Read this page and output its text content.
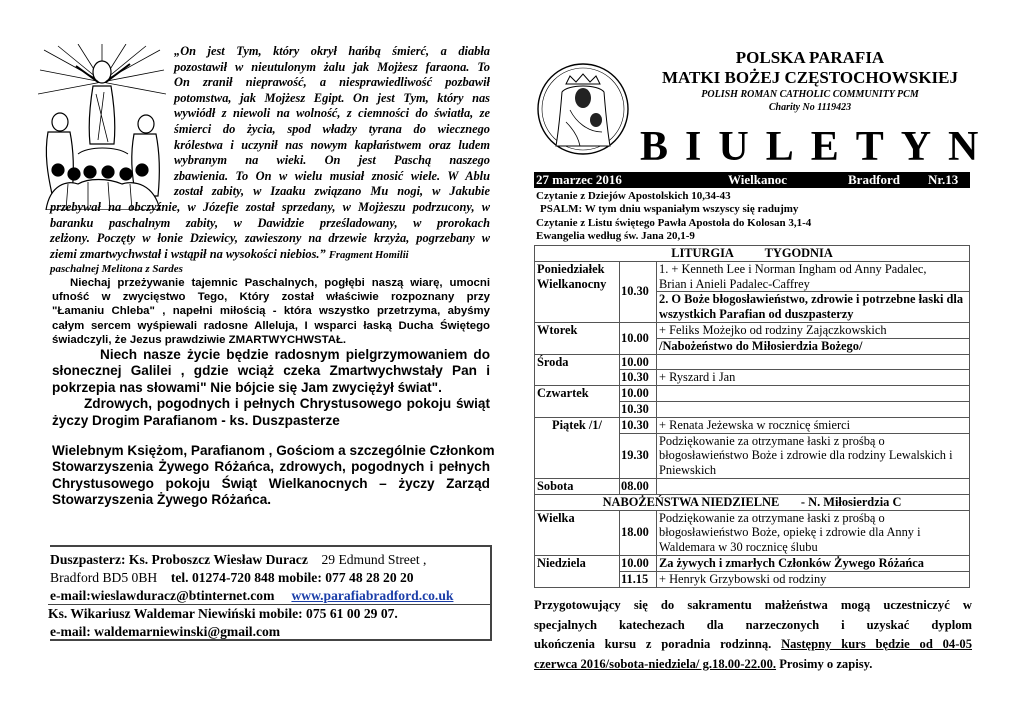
„On jest Tym, który okrył hańbą śmierć, a diabła
pozostawił w nieutulonym żalu jak Mojżesz faraona. To
On zranił nieprawość, a niesprawiedliwość pozbawił
potomstwa, jak Mojżesz Egipt. On jest Tym, który nas
wywiódł z niewoli na wolność, z ciemności do światła, ze
śmierci do życia, spod władzy tyrana do wiecznego
królestwa i uczynił nas nowym kapłaństwem oraz ludem
wybranym na wieki. On jest Paschą naszego
zbawienia. To On w wielu musiał znosić wiele. W Ablu
został zabity, w Izaaku związano Mu nogi, w Jakubie
przebywał na obczyźnie, w Józefie został sprzedany, w Mojżeszu podrzucony, w
baranku paschalnym zabity, w Dawidzie prześladowany, w prorokach
zelżony. Poczęty w łonie Dziewicy, zawieszony na drzewie krzyża, pogrzebany w
ziemi zmartwychwstał i wstąpił na wysokości niebios.” Fragment Homilii
paschalnej Melitona z Sardes
Niechaj przeżywanie tajemnic Paschalnych, pogłębi naszą wiarę, umocni
ufność w zwycięstwo Tego, Który został właściwie rozpoznany przy
"Łamaniu Chleba" , napełni miłością - która wszystko przetrzyma, abyśmy
całym sercem wyśpiewali radosne Alleluja, I wsparci łaską Ducha Świętego
świadczyli, że Jezus prawdziwie ZMARTWYCHWSTAŁ.
Niech nasze życie będzie radosnym pielgrzymowaniem do
słonecznej Galilei , gdzie wciąż czeka Zmartwychwstały Pan i
pokrzepia nas słowami" Nie bójcie się Jam zwyciężył świat".
Zdrowych, pogodnych i pełnych Chrystusowego pokoju świąt
życzy Drogim Parafianom - ks. Duszpasterze
Wielebnym Księżom, Parafianom , Gościom a szczególnie Członkom
Stowarzyszenia Żywego Różańca, zdrowych, pogodnych i pełnych
Chrystusowego pokoju Świąt Wielkanocnych – życzy Zarząd
Stowarzyszenia Żywego Różańca.
Duszpasterz: Ks. Proboszcz Wiesław Duracz 29 Edmund Street ,
Bradford BD5 0BH tel. 01274-720 848 mobile: 077 48 28 20 20
e-mail:wieslawduracz@btinternet.com www.parafiabradford.co.uk
Ks. Wikariusz Waldemar Niewiński mobile: 075 61 00 29 07.
e-mail: waldemarniewinski@gmail.com
POLSKA PARAFIA
MATKI BOŻEJ CZĘSTOCHOWSKIEJ
POLISH ROMAN CATHOLIC COMMUNITY PCM
Charity No 1119423
BIULETYN
27 marzec 2016	Wielkanoc	Bradford Nr.13
Czytanie z Dziejów Apostolskich 10,34-43
PSALM: W tym dniu wspaniałym wszyscy się radujmy
Czytanie z Listu świętego Pawła Apostoła do Kolosan 3,1-4
Ewangelia według św. Jana 20,1-9
LITURGIA TYGODNIA		
Poniedziałek Wielkanocny	10.30	1. + Kenneth Lee i Norman Ingham od Anny Padalec,
Brian i Anieli Padalec-Caffrey
		2. O Boże błogosławieństwo, zdrowie i potrzebne łaski dla wszystkich Parafian od duszpasterzy
Wtorek	10.00	+ Feliks Możejko od rodziny Zajączkowskich
		/Nabożeństwo do Miłosierdzia Bożego/
Środa	10.00	
	10.30	+ Ryszard i Jan
Czwartek	10.00	
	10.30	
Piątek /1/	10.30	+ Renata Jeżewska w rocznicę śmierci
	19.30	Podziękowanie za otrzymane łaski z prośbą o błogosławieństwo Boże i zdrowie dla rodziny Lewalskich i Pniewskich
Sobota	08.00	
NABOŻEŃSTWA NIEDZIELNE - N. Miłosierdzia C		
Wielka	18.00	Podziękowanie za otrzymane łaski z prośbą o błogosławieństwo Boże, opiekę i zdrowie dla Anny i Waldemara w 30 rocznicę ślubu
Niedziela	10.00	Za żywych i zmarłych Członków Żywego Różańca
	11.15	+ Henryk Grzybowski od rodziny
Przygotowujący się do sakramentu małżeństwa mogą uczestniczyć w
specjalnych katechezach dla narzeczonych i uzyskać dyplom
ukończenia kursu z poradnia rodzinną. Następny kurs będzie od 04-05
czerwca 2016/sobota-niedziela/ g.18.00-22.00. Prosimy o zapisy.
